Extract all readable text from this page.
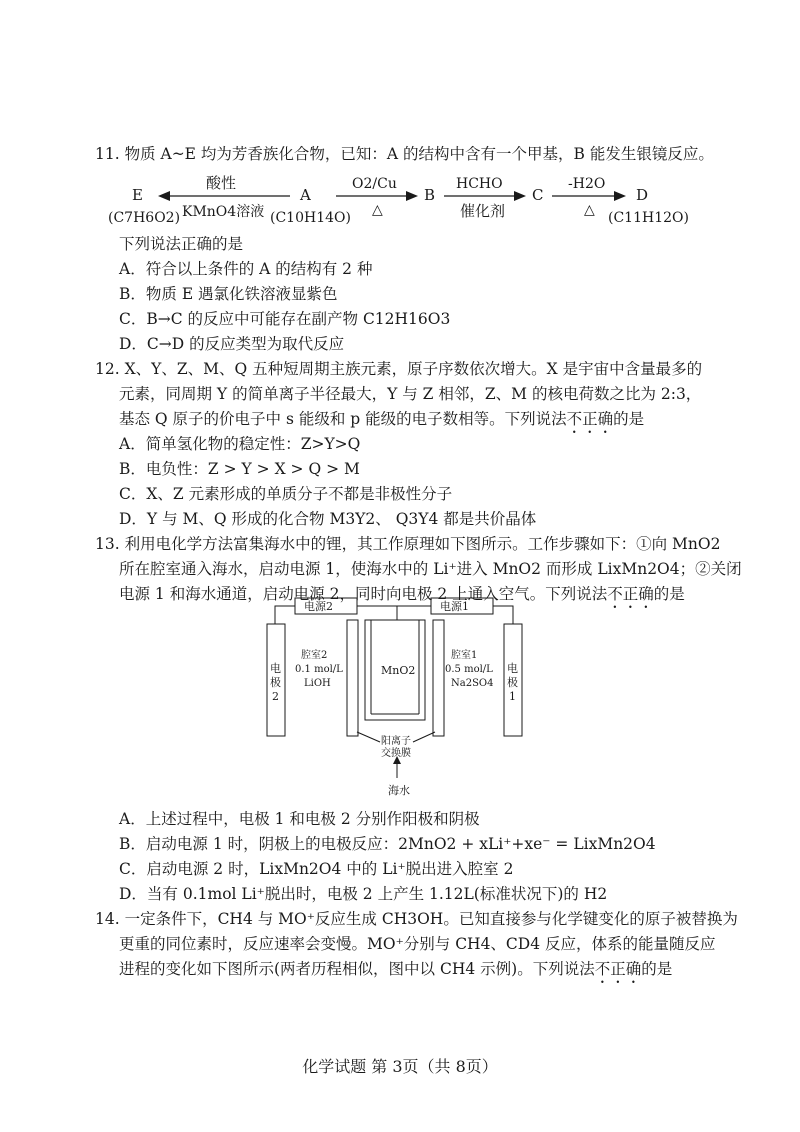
11. 物质 A~E 均为芳香族化合物，已知：A 的结构中含有一个甲基，B 能发生银镜反应。
E
(C7H6O2)
酸性
KMnO4溶液
A
(C10H14O)
O2/Cu
△
B
HCHO
催化剂
C
-H2O
△
D
(C11H12O)
下列说法正确的是
A．符合以上条件的 A 的结构有 2 种
B．物质 E 遇氯化铁溶液显紫色
C．B→C 的反应中可能存在副产物 C12H16O3
D．C→D 的反应类型为取代反应
12. X、Y、Z、M、Q 五种短周期主族元素，原子序数依次增大。X 是宇宙中含量最多的
元素，同周期 Y 的简单离子半径最大，Y 与 Z 相邻，Z、M 的核电荷数之比为 2:3，
基态 Q 原子的价电子中 s 能级和 p 能级的电子数相等。下列说法不正确的是
A．简单氢化物的稳定性：Z>Y>Q
B．电负性：Z > Y > X > Q > M
C．X、Z 元素形成的单质分子不都是非极性分子
D．Y 与 M、Q 形成的化合物 M3Y2、 Q3Y4 都是共价晶体
13. 利用电化学方法富集海水中的锂，其工作原理如下图所示。工作步骤如下：①向 MnO2
所在腔室通入海水，启动电源 1，使海水中的 Li⁺进入 MnO2 而形成 LixMn2O4；②关闭
电源 1 和海水通道，启动电源 2，同时向电极 2 上通入空气。下列说法不正确的是
电源2	电源1
电
极
2
电
极
1
腔室2
0.1 mol/L
LiOH
腔室1
0.5 mol/L
Na2SO4
MnO2
阳离子
交换膜
海水
A．上述过程中，电极 1 和电极 2 分别作阳极和阴极
B．启动电源 1 时，阴极上的电极反应：2MnO2 + xLi⁺+xe⁻ = LixMn2O4
C．启动电源 2 时，LixMn2O4 中的 Li⁺脱出进入腔室 2
D．当有 0.1mol Li⁺脱出时，电极 2 上产生 1.12L(标准状况下)的 H2
14. 一定条件下，CH4 与 MO⁺反应生成 CH3OH。已知直接参与化学键变化的原子被替换为
更重的同位素时，反应速率会变慢。MO⁺分别与 CH4、CD4 反应，体系的能量随反应
进程的变化如下图所示(两者历程相似，图中以 CH4 示例)。下列说法不正确的是
化学试题 第 3页（共 8页）
